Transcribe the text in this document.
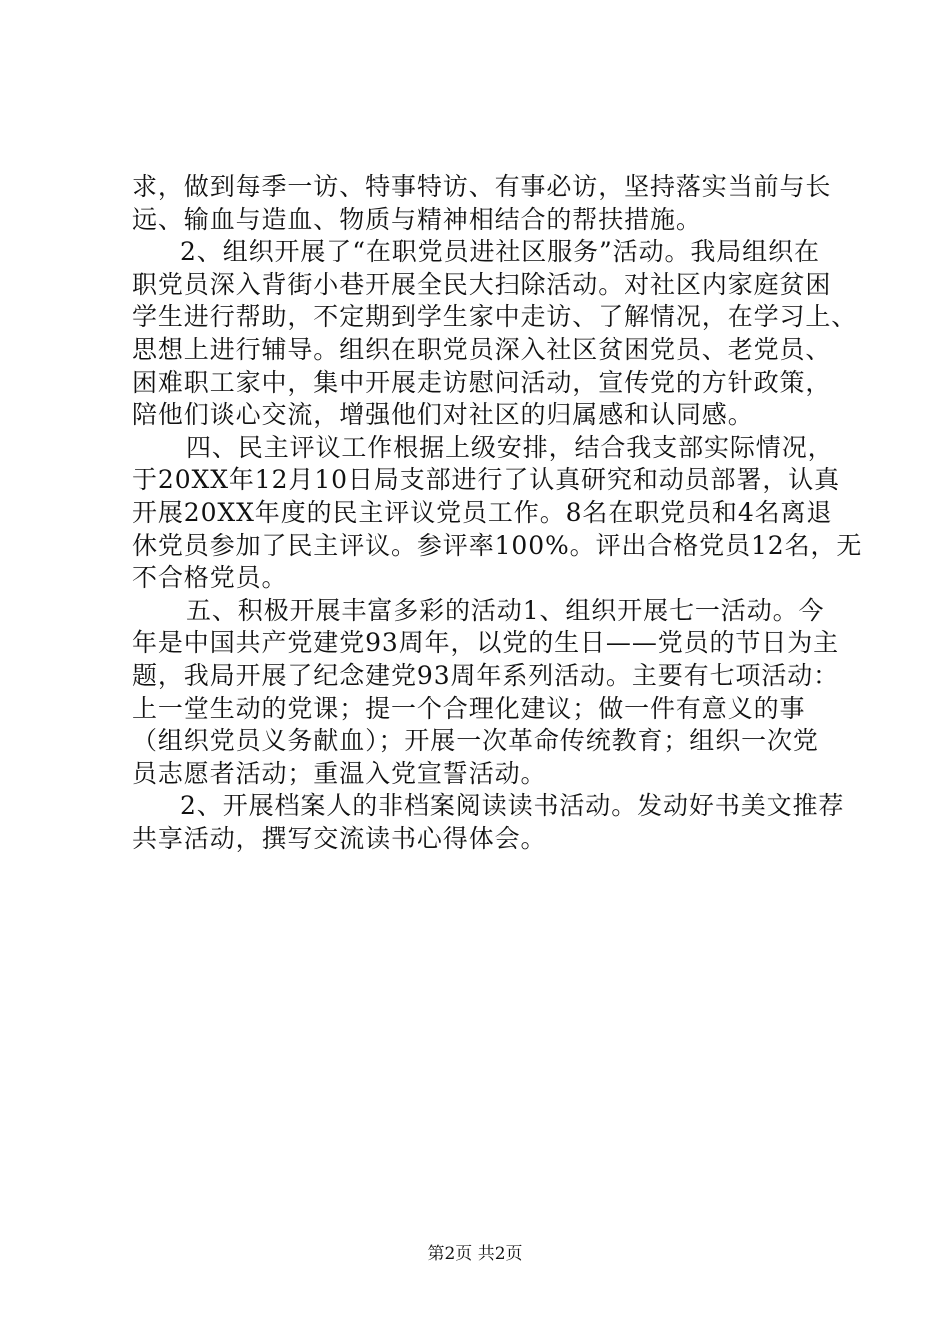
求，做到每季一访、特事特访、有事必访，坚持落实当前与长
远、输血与造血、物质与精神相结合的帮扶措施。
2、组织开展了“在职党员进社区服务”活动。我局组织在
职党员深入背街小巷开展全民大扫除活动。对社区内家庭贫困
学生进行帮助，不定期到学生家中走访、了解情况，在学习上、
思想上进行辅导。组织在职党员深入社区贫困党员、老党员、
困难职工家中，集中开展走访慰问活动，宣传党的方针政策，
陪他们谈心交流，增强他们对社区的归属感和认同感。
四、民主评议工作根据上级安排，结合我支部实际情况，
于20XX年12月10日局支部进行了认真研究和动员部署，认真
开展20XX年度的民主评议党员工作。8名在职党员和4名离退
休党员参加了民主评议。参评率100%。评出合格党员12名，无
不合格党员。
五、积极开展丰富多彩的活动1、组织开展七一活动。今
年是中国共产党建党93周年，以党的生日——党员的节日为主
题，我局开展了纪念建党93周年系列活动。主要有七项活动：
上一堂生动的党课；提一个合理化建议；做一件有意义的事
（组织党员义务献血）；开展一次革命传统教育；组织一次党
员志愿者活动；重温入党宣誓活动。
2、开展档案人的非档案阅读读书活动。发动好书美文推荐
共享活动，撰写交流读书心得体会。
第2页 共2页
